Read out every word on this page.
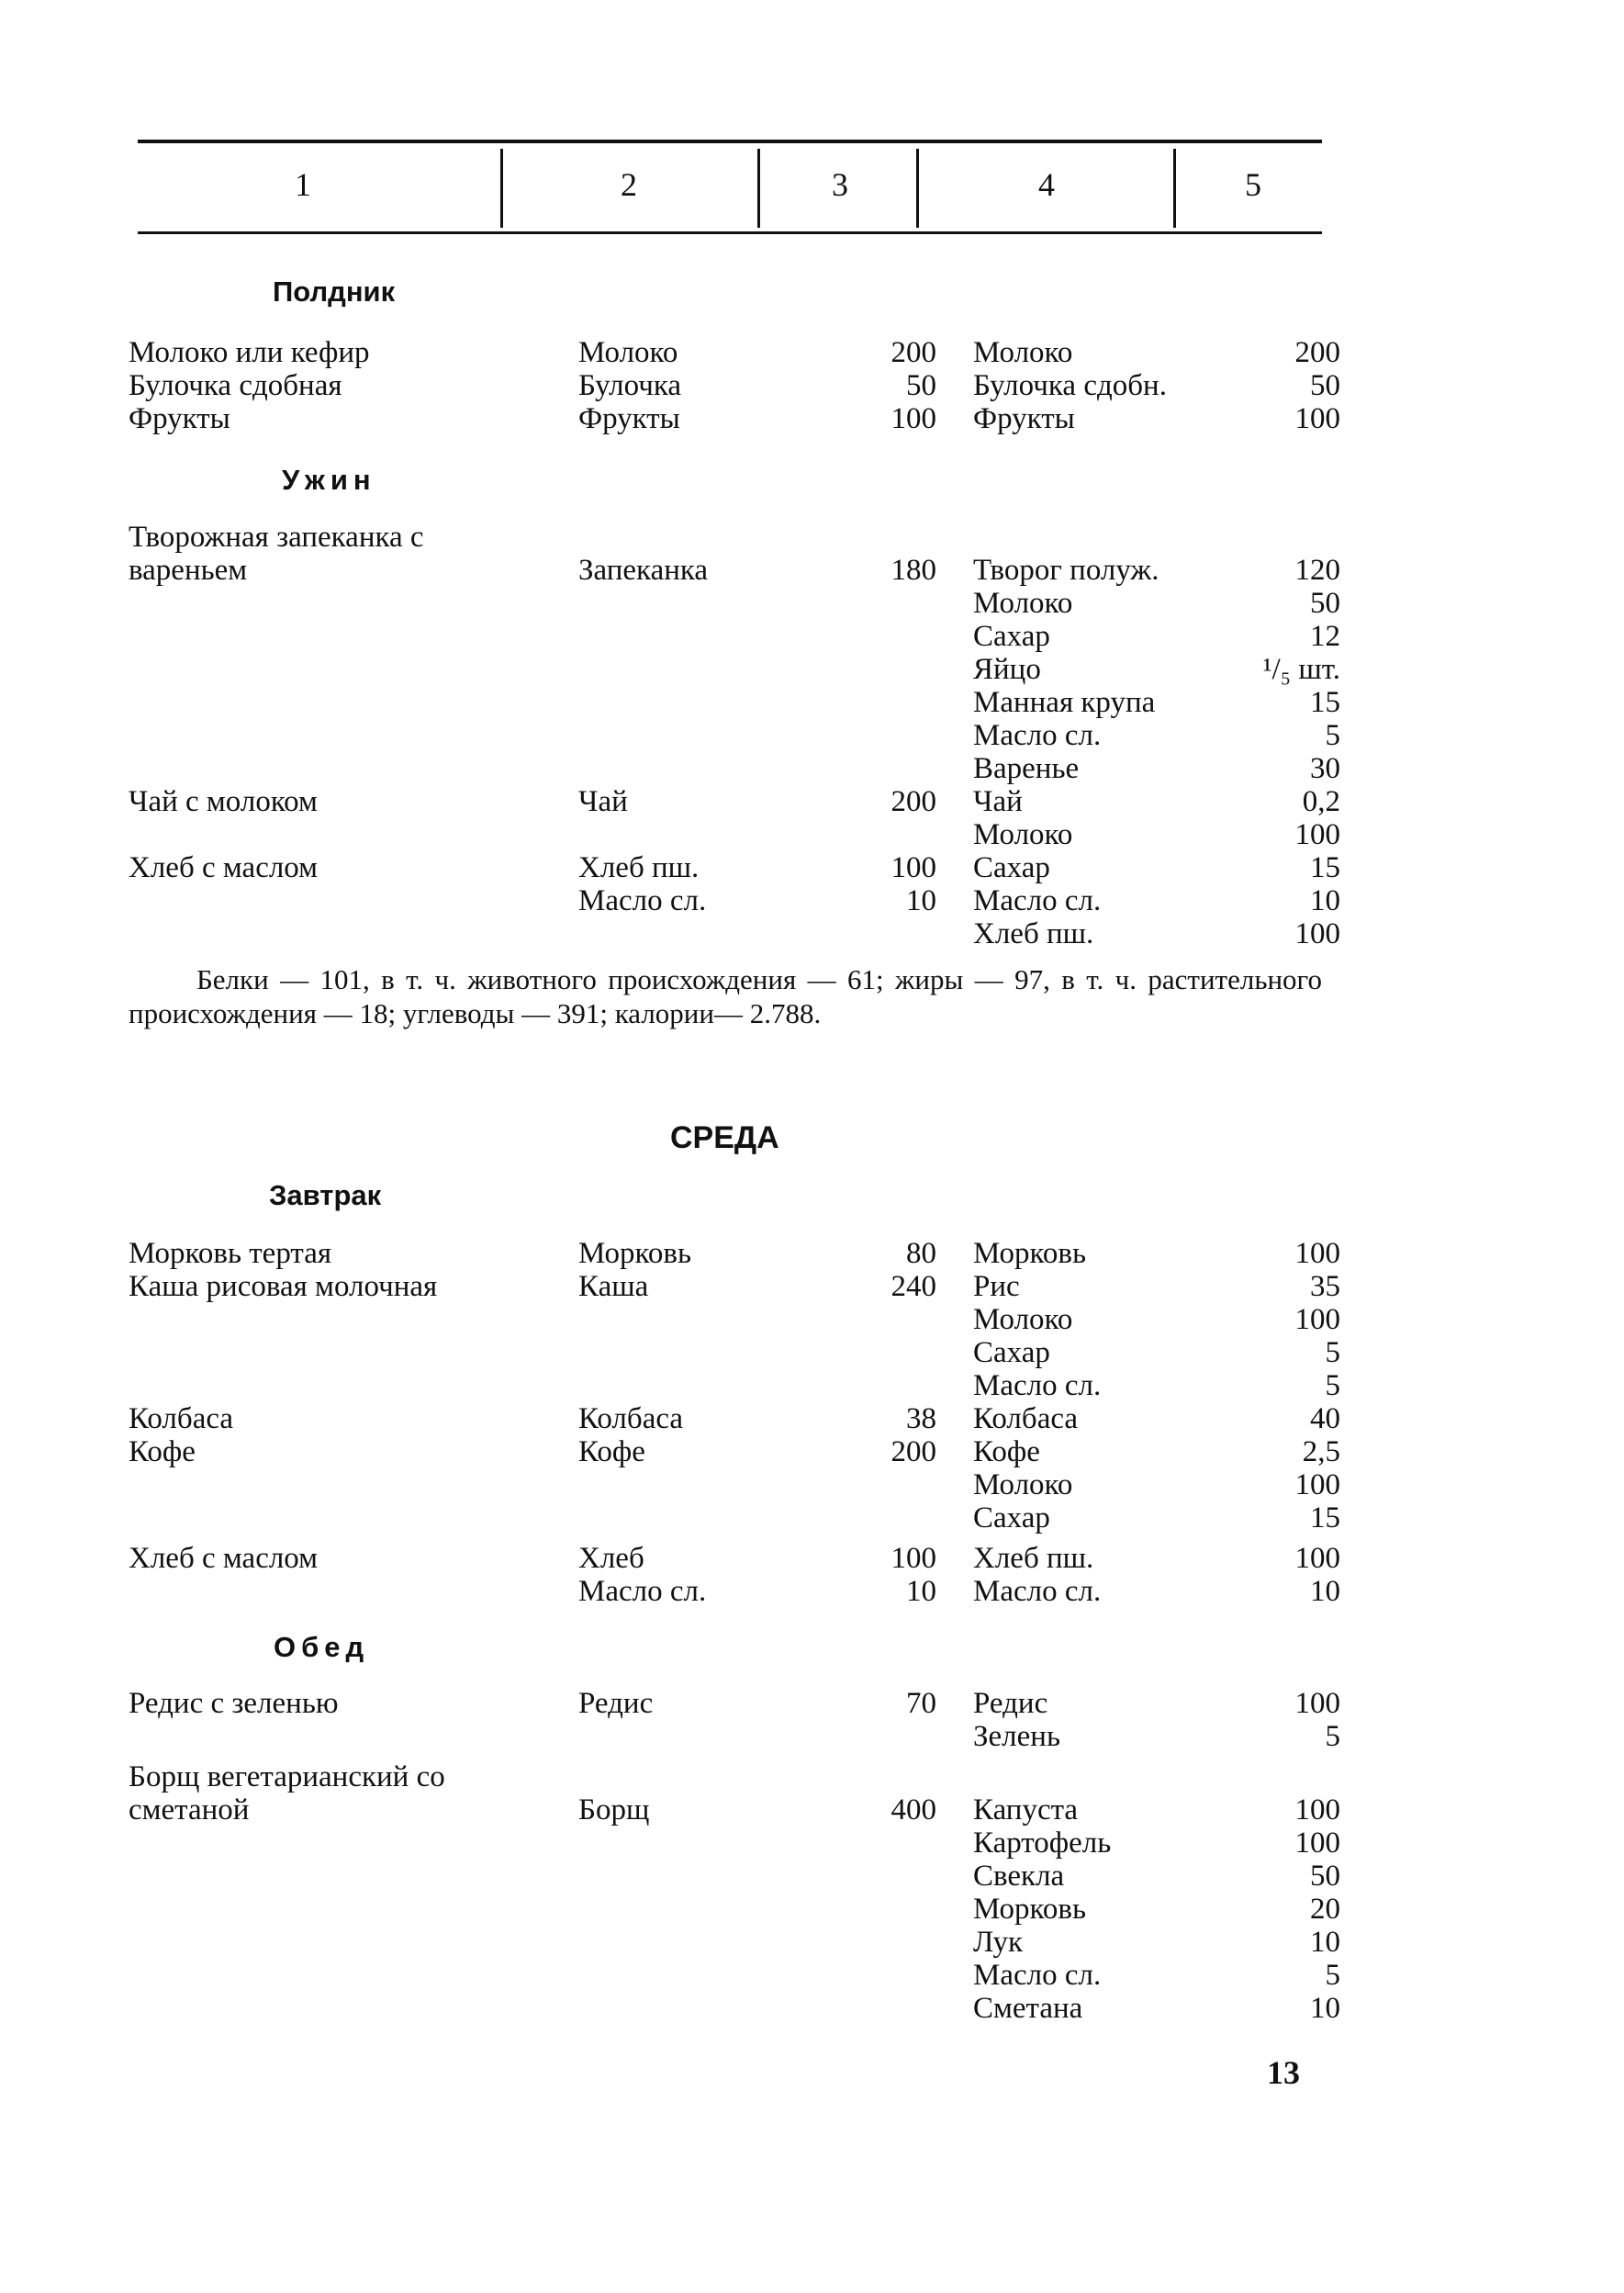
1	2	3	4	5
Полдник
Молоко или кефир	Молоко	200 Молоко	200
Булочка сдобная	Булочка	50 Булочка сдобн.	50
Фрукты	Фрукты	100 Фрукты	100
Ужин
Творожная запеканка с вареньем	Запеканка	180 Творог полуж.	120
Молоко	50
Сахар	12
Яйцо	¹/₅ шт.
Манная крупа	15
Масло сл.	5
Варенье	30
Чай с молоком	Чай	200 Чай	0,2
Молоко	100
Хлеб с маслом	Хлеб пш.	100 Сахар	15
Масло сл.	10 Масло сл.	10
Хлеб пш.	100
Белки — 101, в т. ч. животного происхождения — 61; жиры — 97, в т. ч. растительного происхождения — 18; углеводы — 391; калории— 2.788.
СРЕДА
Завтрак
Морковь тертая	Морковь	80 Морковь	100
Каша рисовая молочная	Каша	240 Рис	35
Молоко	100
Сахар	5
Масло сл.	5
Колбаса	Колбаса	38 Колбаса	40
Кофе	Кофе	200 Кофе	2,5
Молоко	100
Сахар	15
Хлеб с маслом	Хлеб	100 Хлеб пш.	100
Масло сл.	10 Масло сл.	10
Обед
Редис с зеленью	Редис	70 Редис	100
Зелень	5
Борщ вегетарианский со сметаной	Борщ	400 Капуста	100
Картофель	100
Свекла	50
Морковь	20
Лук	10
Масло сл.	5
Сметана	10
13
